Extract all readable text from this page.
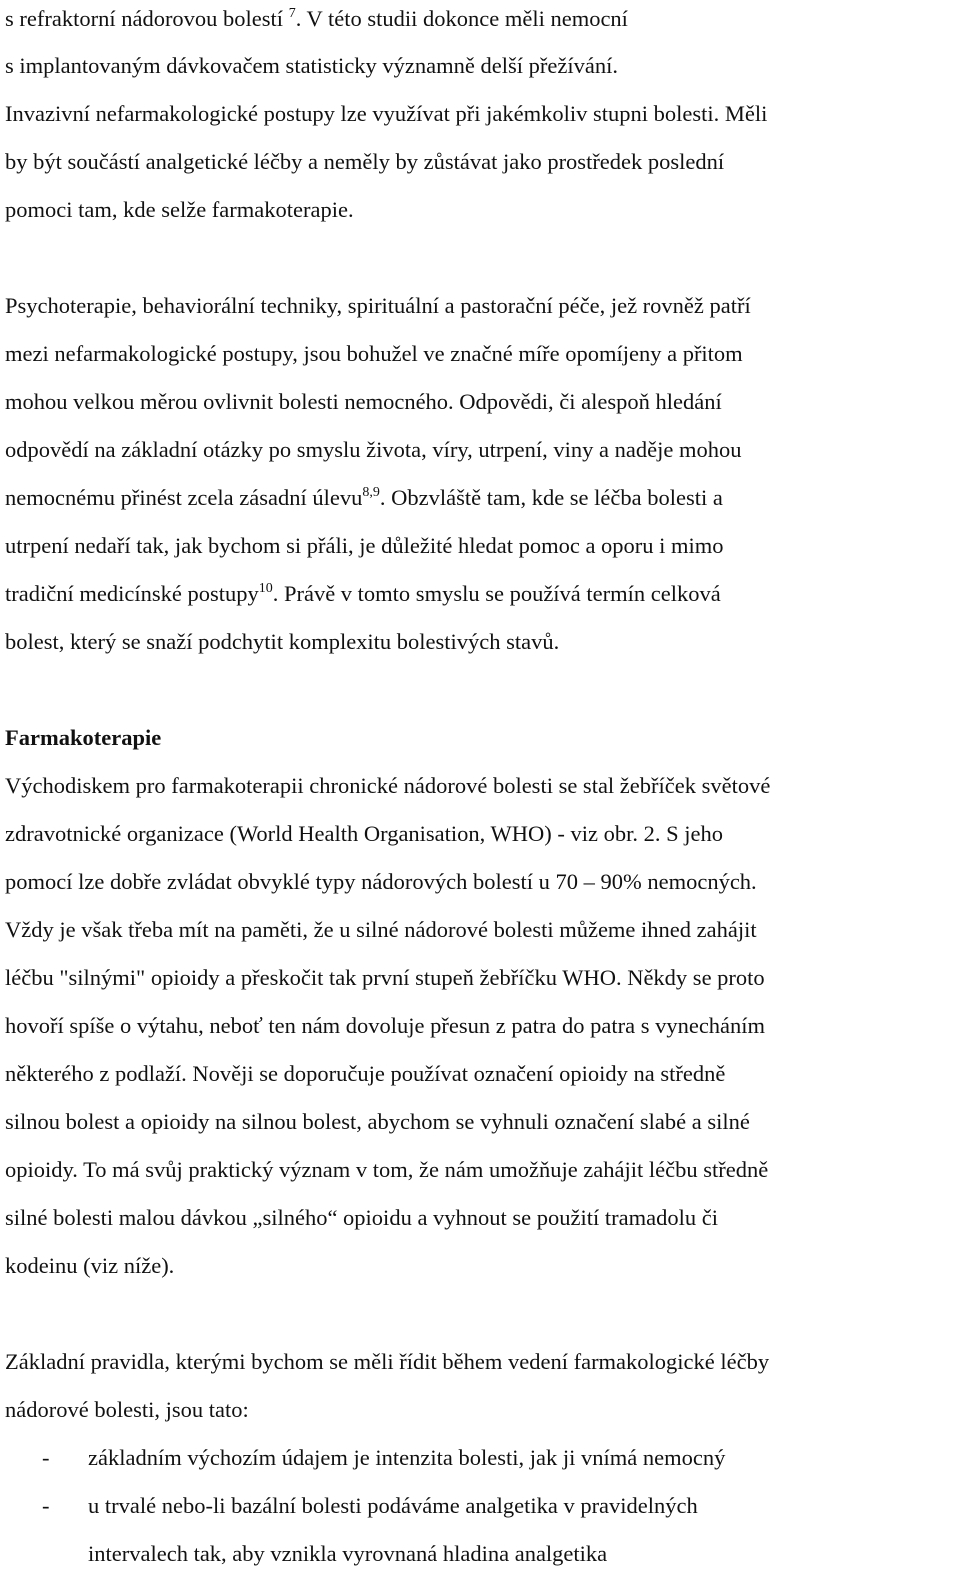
s refraktorní nádorovou bolestí $^7$. V této studii dokonce měli nemocní
s implantovaným dávkovačem statisticky významně delší přežívání.
Invazivní nefarmakologické postupy lze využívat při jakémkoliv stupni bolesti. Měli
by být součástí analgetické léčby a neměly by zůstávat jako prostředek poslední
pomoci tam, kde selže farmakoterapie.
Psychoterapie, behaviorální techniky, spirituální a pastorační péče, jež rovněž patří
mezi nefarmakologické postupy, jsou bohužel ve značné míře opomíjeny a přitom
mohou velkou měrou ovlivnit bolesti nemocného. Odpovědi, či alespoň hledání
odpovědí na základní otázky po smyslu života, víry, utrpení, viny a naděje mohou
nemocnému přinést zcela zásadní úlevu$^{8,9}$. Obzvláště tam, kde se léčba bolesti a
utrpení nedaří tak, jak bychom si přáli, je důležité hledat pomoc a oporu i mimo
tradiční medicínské postupy$^{10}$. Právě v tomto smyslu se používá termín celková
bolest, který se snaží podchytit komplexitu bolestivých stavů.
Farmakoterapie
Východiskem pro farmakoterapii chronické nádorové bolesti se stal žebříček světové
zdravotnické organizace (World Health Organisation, WHO) - viz obr. 2. S jeho
pomocí lze dobře zvládat obvyklé typy nádorových bolestí u 70 – 90% nemocných.
Vždy je však třeba mít na paměti, že u silné nádorové bolesti můžeme ihned zahájit
léčbu "silnými" opioidy a přeskočit tak první stupeň žebříčku WHO. Někdy se proto
hovoří spíše o výtahu, neboť ten nám dovoluje přesun z patra do patra s vynecháním
některého z podlaží. Nověji se doporučuje používat označení opioidy na středně
silnou bolest a opioidy na silnou bolest, abychom se vyhnuli označení slabé a silné
opioidy. To má svůj praktický význam v tom, že nám umožňuje zahájit léčbu středně
silné bolesti malou dávkou „silného“ opioidu a vyhnout se použití tramadolu či
kodeinu (viz níže).
Základní pravidla, kterými bychom se měli řídit během vedení farmakologické léčby
nádorové bolesti, jsou tato:
- základním výchozím údajem je intenzita bolesti, jak ji vnímá nemocný
- u trvalé nebo-li bazální bolesti podáváme analgetika v pravidelných
intervalech tak, aby vznikla vyrovnaná hladina analgetika
